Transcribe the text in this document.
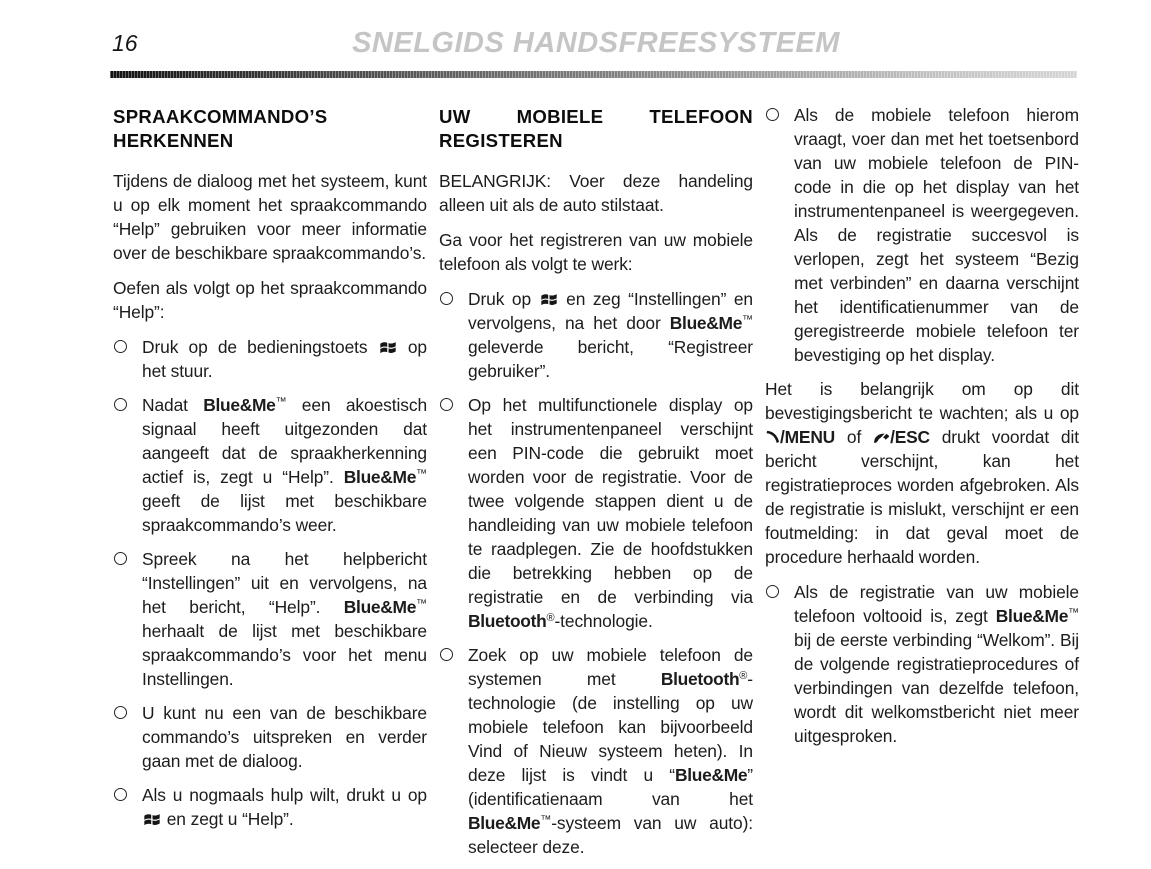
16	SNELGIDS HANDSFREESYSTEEM
SPRAAKCOMMANDO’S HERKENNEN

Tijdens de dialoog met het systeem, kunt u op elk moment het spraakcommando “Help” gebruiken voor meer informatie over de beschikbare spraakcommando’s.

Oefen als volgt op het spraakcommando “Help”:

Druk op de bedieningstoets  op het stuur.
Nadat Blue&Me™ een akoestisch signaal heeft uitgezonden dat aangeeft dat de spraakherkenning actief is, zegt u “Help”. Blue&Me™ geeft de lijst met beschikbare spraakcommando’s weer.
Spreek na het helpbericht “Instellingen” uit en vervolgens, na het bericht, “Help”. Blue&Me™ herhaalt de lijst met beschikbare spraakcommando’s voor het menu Instellingen.
U kunt nu een van de beschikbare commando’s uitspreken en verder gaan met de dialoog.
Als u nogmaals hulp wilt, drukt u op  en zegt u “Help”.
UW MOBIELE TELEFOON REGISTEREN

BELANGRIJK: Voer deze handeling alleen uit als de auto stilstaat.

Ga voor het registreren van uw mobiele telefoon als volgt te werk:

Druk op  en zeg “Instellingen” en vervolgens, na het door Blue&Me™ geleverde bericht, “Registreer gebruiker”.
Op het multifunctionele display op het instrumentenpaneel verschijnt een PIN-code die gebruikt moet worden voor de registratie. Voor de twee volgende stappen dient u de handleiding van uw mobiele telefoon te raadplegen. Zie de hoofdstukken die betrekking hebben op de registratie en de verbinding via Bluetooth®-technologie.
Zoek op uw mobiele telefoon de systemen met Bluetooth®-technologie (de instelling op uw mobiele telefoon kan bijvoorbeeld Vind of Nieuw systeem heten). In deze lijst is vindt u “Blue&Me” (identificatienaam van het Blue&Me™-systeem van uw auto): selecteer deze.
Als de mobiele telefoon hierom vraagt, voer dan met het toetsenbord van uw mobiele telefoon de PIN-code in die op het display van het instrumentenpaneel is weergegeven. Als de registratie succesvol is verlopen, zegt het systeem “Bezig met verbinden” en daarna verschijnt het identificatienummer van de geregistreerde mobiele telefoon ter bevestiging op het display.

Het is belangrijk om op dit bevestigingsbericht te wachten; als u op /MENU of /ESC drukt voordat dit bericht verschijnt, kan het registratieproces worden afgebroken. Als de registratie is mislukt, verschijnt er een foutmelding: in dat geval moet de procedure herhaald worden.

Als de registratie van uw mobiele telefoon voltooid is, zegt Blue&Me™ bij de eerste verbinding “Welkom”. Bij de volgende registratieprocedures of verbindingen van dezelfde telefoon, wordt dit welkomstbericht niet meer uitgesproken.
